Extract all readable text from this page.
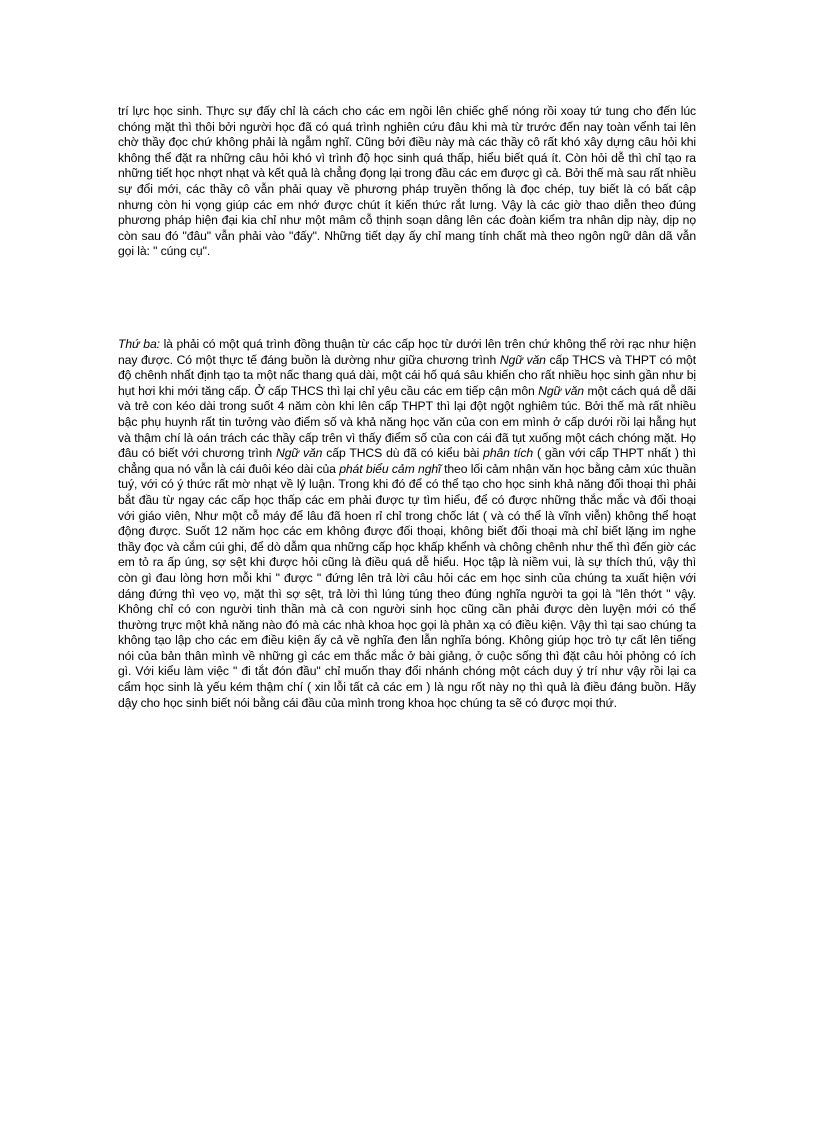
trí lực học sinh. Thực sự đấy chỉ là cách cho các em ngồi lên chiếc ghế nóng rồi xoay tứ tung cho đến lúc chóng mặt thì thôi bởi người học đã có quá trình nghiên cứu đâu khi mà từ trước đến nay toàn vểnh tai lên chờ thầy đọc chứ không phải là ngẫm nghĩ. Cũng bởi điều này mà các thầy cô rất khó xây dựng câu hỏi khi không thể đặt ra những câu hỏi khó vì trình độ học sinh quá thấp, hiểu biết quá ít. Còn hỏi dễ thì chỉ tạo ra những tiết học nhợt nhạt và kết quả là chẳng đọng lại trong đầu các em được gì cả. Bởi thế mà sau rất nhiều sự đổi mới, các thầy cô vẫn phải quay về phương pháp truyền thống là đọc chép, tuy biết là có bất cập nhưng còn hi vọng giúp các em nhớ được chút ít kiến thức rắt lưng. Vậy là các giờ thao diễn theo đúng phương pháp hiện đại kia chỉ như một mâm cỗ thịnh soạn dâng lên các đoàn kiểm tra nhân dịp này, dịp nọ còn sau đó "đâu" vẫn phải vào "đấy". Những tiết dạy ấy chỉ mang tính chất mà theo ngôn ngữ dân dã vẫn gọi là: " cúng cụ".

Thứ ba: là phải có một quá trình đồng thuận từ các cấp học từ dưới lên trên chứ không thể rời rạc như hiện nay được. Có một thực tế đáng buồn là dường như giữa chương trình Ngữ văn cấp THCS và THPT có một độ chênh nhất định tạo ta một nấc thang quá dài, một cái hố quá sâu khiến cho rất nhiều học sinh gần như bị hụt hơi khi mới tăng cấp. Ở cấp THCS thì lại chỉ yêu cầu các em tiếp cận môn Ngữ văn một cách quá dễ dãi và trẻ con kéo dài trong suốt 4 năm còn khi lên cấp THPT thì lại đột ngột nghiêm túc. Bởi thế mà rất nhiều bậc phụ huynh rất tin tưởng vào điểm số và khả năng học văn của con em mình ở cấp dưới rồi lại hẫng hụt và thậm chí là oán trách các thầy cấp trên vì thấy điểm số của con cái đã tụt xuống một cách chóng mặt. Họ đâu có biết với chương trình Ngữ văn cấp THCS dù đã có kiểu bài phân tích ( gần với cấp THPT nhất ) thì chẳng qua nó vẫn là cái đuôi kéo dài của phát biểu cảm nghĩ theo lối cảm nhận văn học bằng cảm xúc thuần tuý, với có ý thức rất mờ nhạt về lý luận. Trong khi đó để có thể tạo cho học sinh khả năng đối thoại thì phải bắt đầu từ ngay các cấp học thấp các em phải được tự tìm hiểu, để có được những thắc mắc và đối thoại với giáo viên, Như một cỗ máy để lâu đã hoen rỉ chỉ trong chốc lát ( và có thể là vĩnh viễn) không thể hoạt động được. Suốt 12 năm học các em không được đối thoại, không biết đối thoại mà chỉ biết lặng im nghe thầy đọc và cắm cúi ghi, để dò dẫm qua những cấp học khấp khểnh và chông chênh như thế thì đến giờ các em tỏ ra ấp úng, sợ sệt khi được hỏi cũng là điều quá dễ hiểu. Học tập là niềm vui, là sự thích thú, vậy thì còn gì đau lòng hơn mỗi khi " được " đứng lên trả lời câu hỏi các em học sinh của chúng ta xuất hiện với dáng đứng thì vẹo vọ, mặt thì sợ sệt, trả lời thì lúng túng theo đúng nghĩa người ta gọi là "lên thớt " vậy. Không chỉ có con người tinh thần mà cả con người sinh học cũng cần phải được dèn luyện mới có thể thường trực một khả năng nào đó mà các nhà khoa học gọi là phản xạ có điều kiện. Vậy thì tại sao chúng ta không tạo lập cho các em điều kiện ấy cả về nghĩa đen lẫn nghĩa bóng. Không giúp học trò tự cất lên tiếng nói của bản thân mình về những gì các em thắc mắc ở bài giảng, ở cuộc sống thì đặt câu hỏi phỏng có ích gì. Với kiểu làm việc " đi tắt đón đầu" chỉ muốn thay đổi nhánh chóng một cách duy ý trí như vậy rồi lại ca cẩm học sinh là yếu kém thậm chí ( xin lỗi tất cả các em ) là ngu rốt này nọ thì quả là điều đáng buồn. Hãy dậy cho học sinh biết nói bằng cái đầu của mình trong khoa học chúng ta sẽ có được mọi thứ.
